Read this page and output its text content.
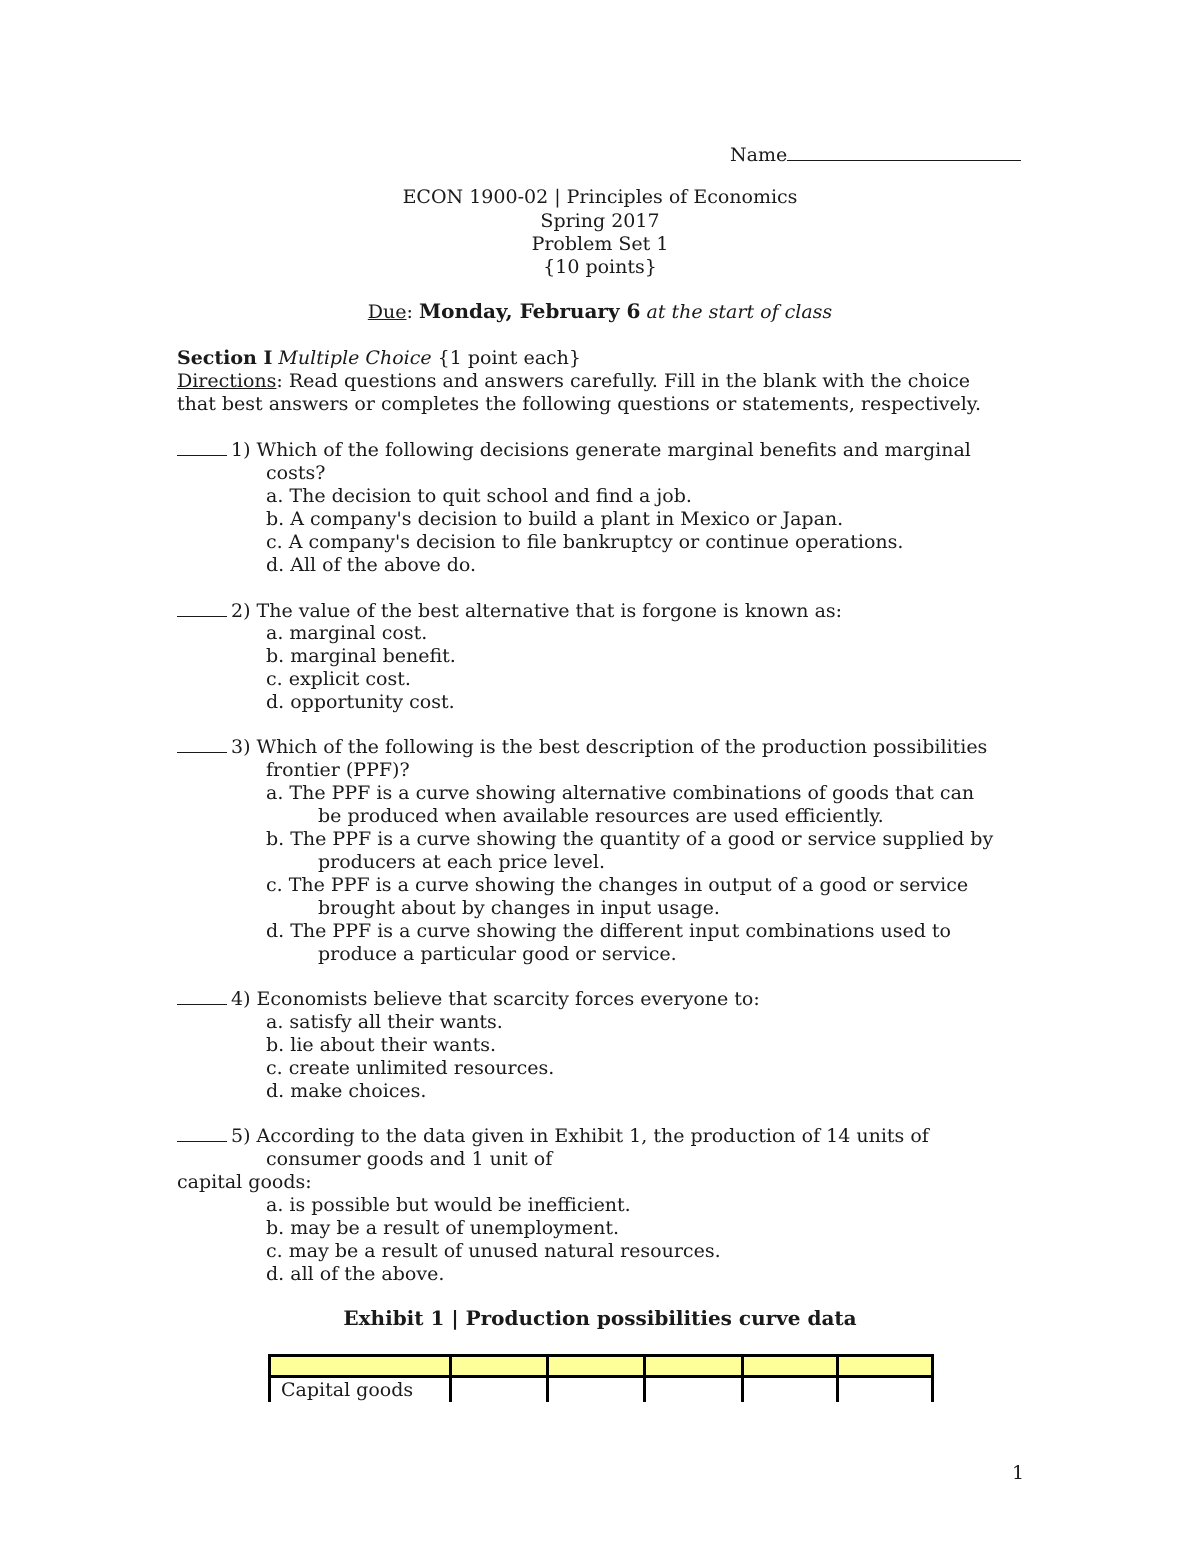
Name
ECON 1900-02 | Principles of Economics
Spring 2017
Problem Set 1
{10 points}
Due: Monday, February 6 at the start of class
Section I Multiple Choice {1 point each}
Directions: Read questions and answers carefully. Fill in the blank with the choice
that best answers or completes the following questions or statements, respectively.
1) Which of the following decisions generate marginal benefits and marginal
costs?
a. The decision to quit school and find a job.
b. A company's decision to build a plant in Mexico or Japan.
c. A company's decision to file bankruptcy or continue operations.
d. All of the above do.
2) The value of the best alternative that is forgone is known as:
a. marginal cost.
b. marginal benefit.
c. explicit cost.
d. opportunity cost.
3) Which of the following is the best description of the production possibilities
frontier (PPF)?
a. The PPF is a curve showing alternative combinations of goods that can
be produced when available resources are used efficiently.
b. The PPF is a curve showing the quantity of a good or service supplied by
producers at each price level.
c. The PPF is a curve showing the changes in output of a good or service
brought about by changes in input usage.
d. The PPF is a curve showing the different input combinations used to
produce a particular good or service.
4) Economists believe that scarcity forces everyone to:
a. satisfy all their wants.
b. lie about their wants.
c. create unlimited resources.
d. make choices.
5) According to the data given in Exhibit 1, the production of 14 units of
consumer goods and 1 unit of
capital goods:
a. is possible but would be inefficient.
b. may be a result of unemployment.
c. may be a result of unused natural resources.
d. all of the above.
Exhibit 1 | Production possibilities curve data

Capital goods					
1
